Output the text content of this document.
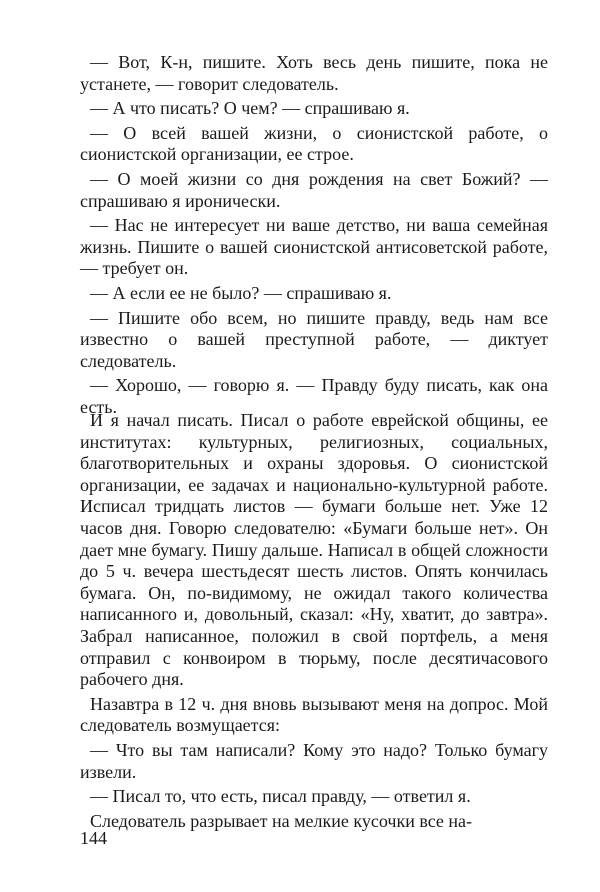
— Вот, К-н, пишите. Хоть весь день пишите, пока не устанете, — говорит следователь.

— А что писать? О чем? — спрашиваю я.

— О всей вашей жизни, о сионистской работе, о сионистской организации, ее строе.

— О моей жизни со дня рождения на свет Божий? — спрашиваю я иронически.

— Нас не интересует ни ваше детство, ни ваша семейная жизнь. Пишите о вашей сионистской антисоветской работе, — требует он.

— А если ее не было? — спрашиваю я.

— Пишите обо всем, но пишите правду, ведь нам все известно о вашей преступной работе, — диктует следователь.

— Хорошо, — говорю я. — Правду буду писать, как она есть.

И я начал писать. Писал о работе еврейской общины, ее институтах: культурных, религиозных, социальных, благотворительных и охраны здоровья. О сионистской организации, ее задачах и национально-культурной работе. Исписал тридцать листов — бумаги больше нет. Уже 12 часов дня. Говорю следователю: «Бумаги больше нет». Он дает мне бумагу. Пишу дальше. Написал в общей сложности до 5 ч. вечера шестьдесят шесть листов. Опять кончилась бумага. Он, по-видимому, не ожидал такого количества написанного и, довольный, сказал: «Ну, хватит, до завтра». Забрал написанное, положил в свой портфель, а меня отправил с конвоиром в тюрьму, после десятичасового рабочего дня.

Назавтра в 12 ч. дня вновь вызывают меня на допрос. Мой следователь возмущается:

— Что вы там написали? Кому это надо? Только бумагу извели.

— Писал то, что есть, писал правду, — ответил я.

Следователь разрывает на мелкие кусочки все на-

144
